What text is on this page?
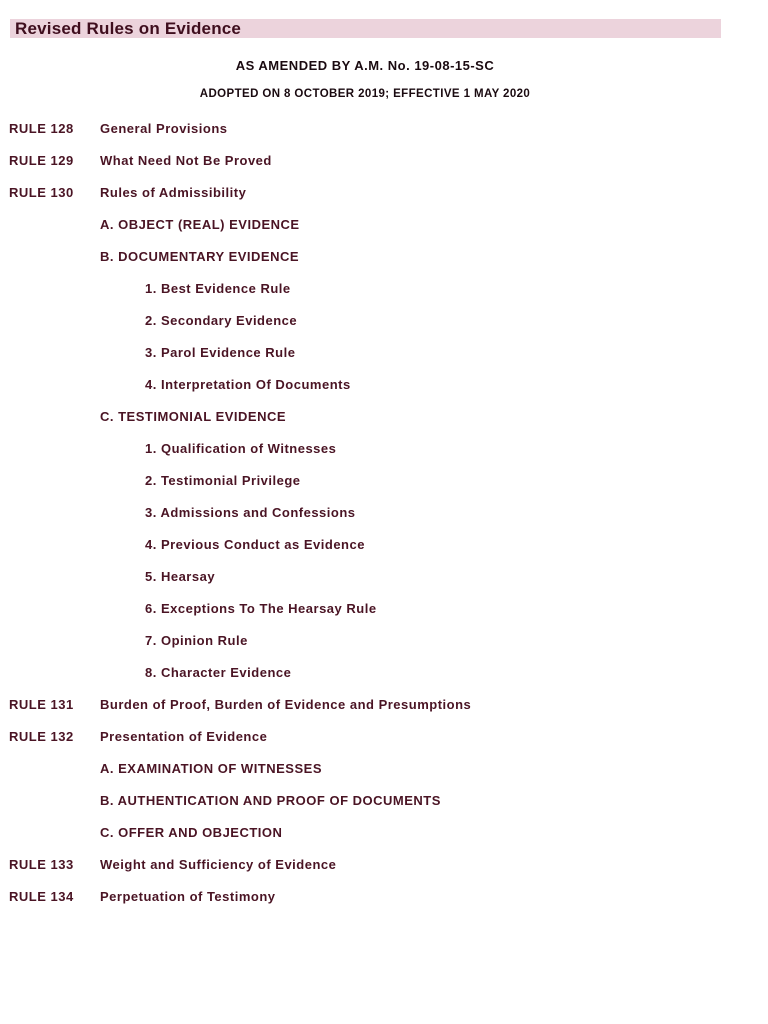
Revised Rules on Evidence
AS AMENDED BY A.M. No. 19-08-15-SC
ADOPTED ON 8 OCTOBER 2019; EFFECTIVE 1 MAY 2020
RULE 128 General Provisions
RULE 129 What Need Not Be Proved
RULE 130 Rules of Admissibility
A. OBJECT (REAL) EVIDENCE
B. DOCUMENTARY EVIDENCE
1. Best Evidence Rule
2. Secondary Evidence
3. Parol Evidence Rule
4. Interpretation Of Documents
C. TESTIMONIAL EVIDENCE
1. Qualification of Witnesses
2. Testimonial Privilege
3. Admissions and Confessions
4. Previous Conduct as Evidence
5. Hearsay
6. Exceptions To The Hearsay Rule
7. Opinion Rule
8. Character Evidence
RULE 131 Burden of Proof, Burden of Evidence and Presumptions
RULE 132 Presentation of Evidence
A. EXAMINATION OF WITNESSES
B. AUTHENTICATION AND PROOF OF DOCUMENTS
C. OFFER AND OBJECTION
RULE 133 Weight and Sufficiency of Evidence
RULE 134 Perpetuation of Testimony
